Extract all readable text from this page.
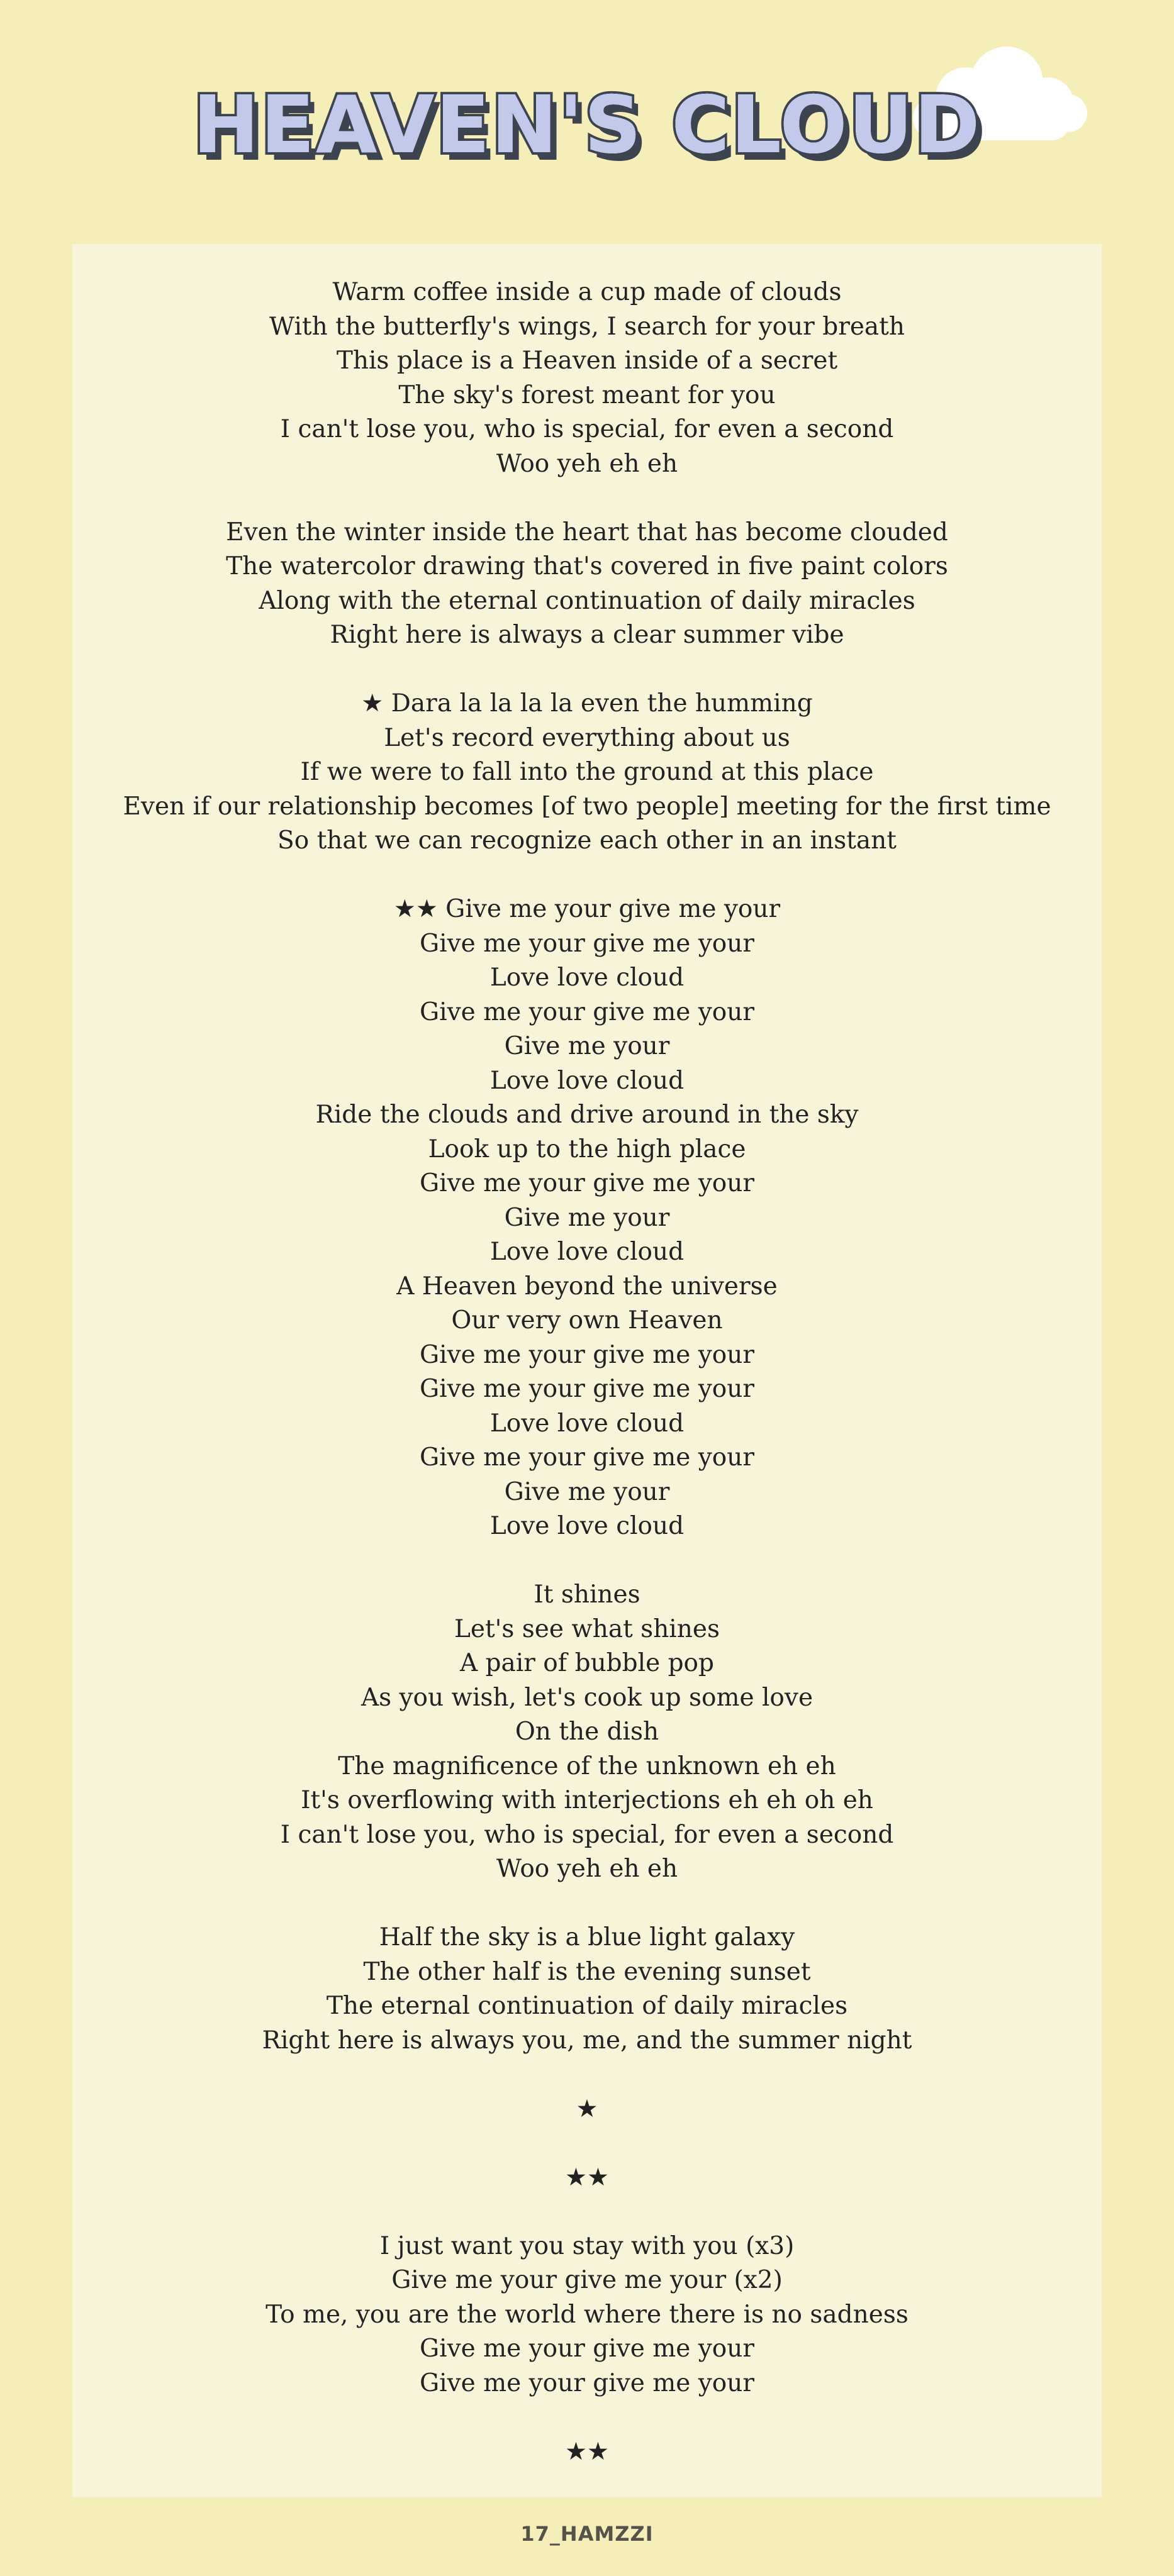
HEAVEN'S CLOUD
Warm coffee inside a cup made of clouds
With the butterfly's wings, I search for your breath
This place is a Heaven inside of a secret
The sky's forest meant for you
I can't lose you, who is special, for even a second
Woo yeh eh eh
Even the winter inside the heart that has become clouded
The watercolor drawing that's covered in five paint colors
Along with the eternal continuation of daily miracles
Right here is always a clear summer vibe
★ Dara la la la la even the humming
Let's record everything about us
If we were to fall into the ground at this place
Even if our relationship becomes [of two people] meeting for the first time
So that we can recognize each other in an instant
★★ Give me your give me your
Give me your give me your
Love love cloud
Give me your give me your
Give me your
Love love cloud
Ride the clouds and drive around in the sky
Look up to the high place
Give me your give me your
Give me your
Love love cloud
A Heaven beyond the universe
Our very own Heaven
Give me your give me your
Give me your give me your
Love love cloud
Give me your give me your
Give me your
Love love cloud
It shines
Let's see what shines
A pair of bubble pop
As you wish, let's cook up some love
On the dish
The magnificence of the unknown eh eh
It's overflowing with interjections eh eh oh eh
I can't lose you, who is special, for even a second
Woo yeh eh eh
Half the sky is a blue light galaxy
The other half is the evening sunset
The eternal continuation of daily miracles
Right here is always you, me, and the summer night
★
★★
I just want you stay with you (x3)
Give me your give me your (x2)
To me, you are the world where there is no sadness
Give me your give me your
Give me your give me your
★★
17_HAMZZI
